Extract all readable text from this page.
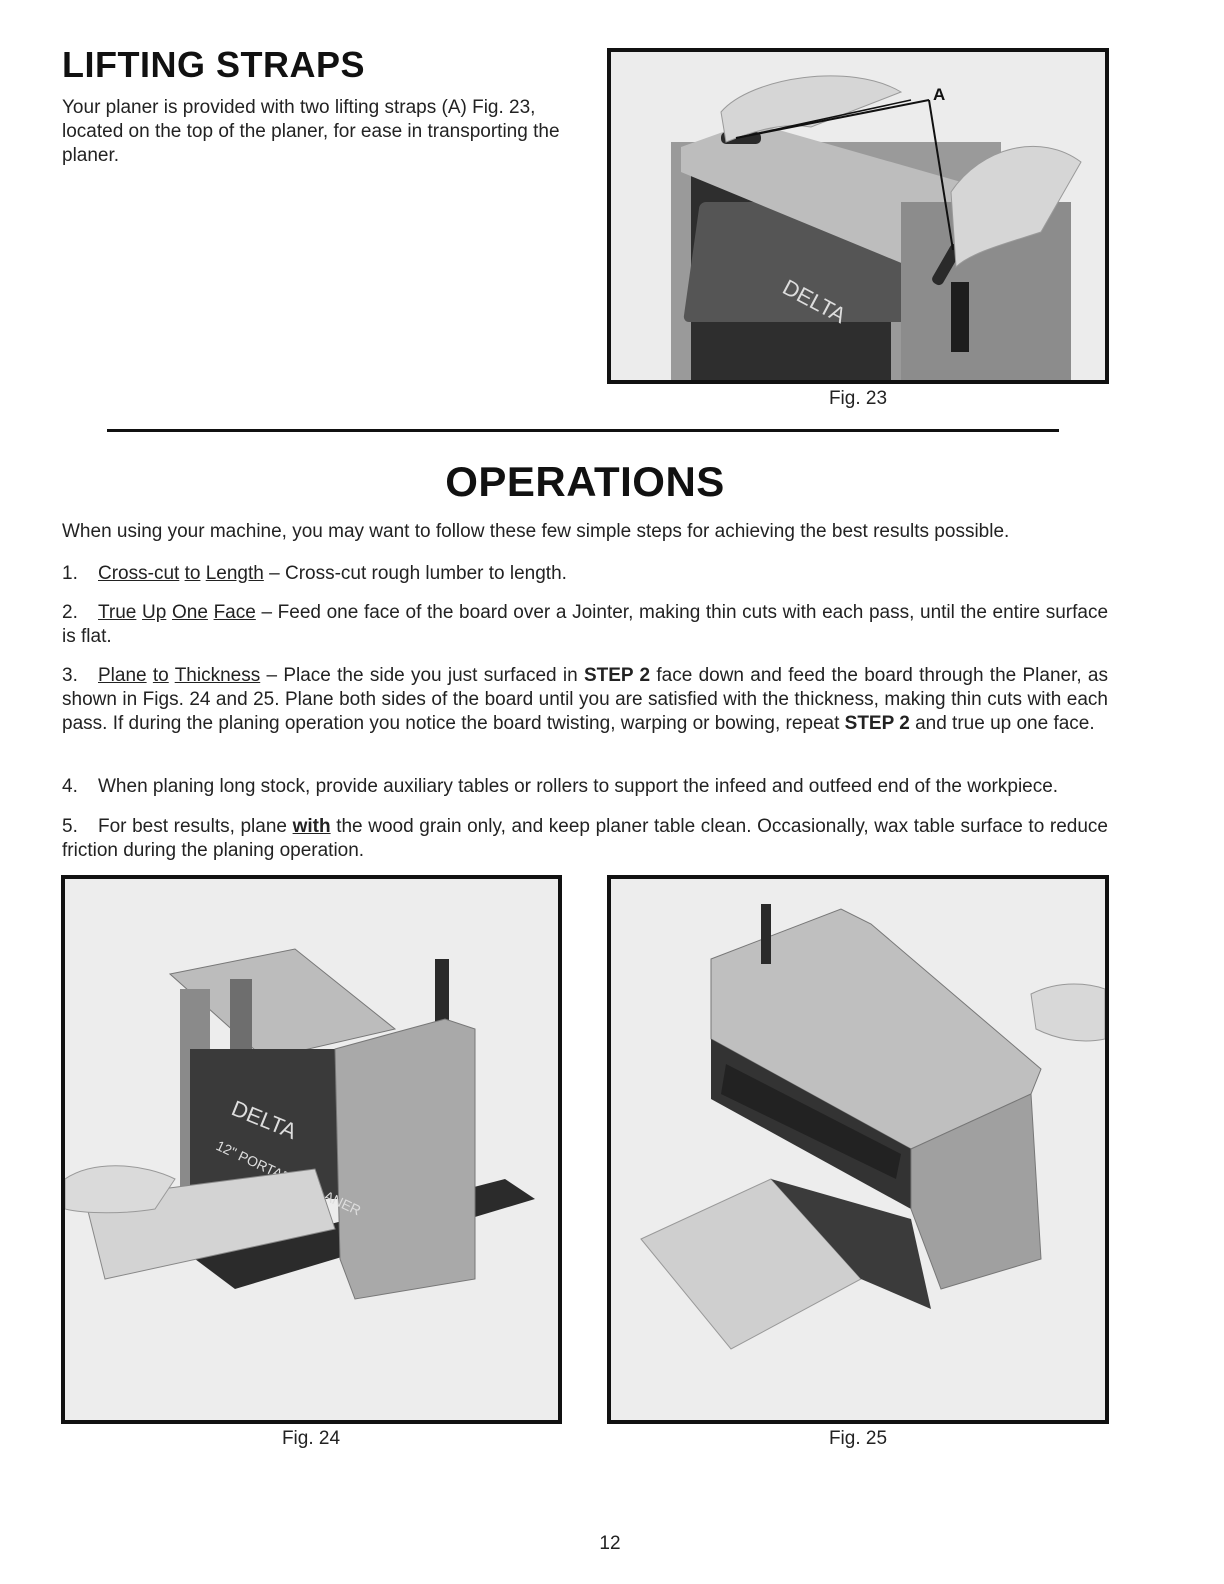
LIFTING STRAPS
Your planer is provided with two lifting straps (A) Fig. 23, located on the top of the planer, for ease in transporting the planer.
DELTA
A
Fig. 23
OPERATIONS
When using your machine, you may want to follow these few simple steps for achieving the best results possible.
1. Cross-cut to Length – Cross-cut rough lumber to length.
2. True Up One Face – Feed one face of the board over a Jointer, making thin cuts with each pass, until the entire surface is flat.
3. Plane to Thickness – Place the side you just surfaced in STEP 2 face down and feed the board through the Planer, as shown in Figs. 24 and 25. Plane both sides of the board until you are satisfied with the thickness, making thin cuts with each pass. If during the planing operation you notice the board twisting, warping or bowing, repeat STEP 2 and true up one face.
4. When planing long stock, provide auxiliary tables or rollers to support the infeed and outfeed end of the workpiece.
5. For best results, plane with the wood grain only, and keep planer table clean. Occasionally, wax table surface to reduce friction during the planing operation.
DELTA
12" PORTABLE PLANER
Fig. 24	Fig. 25
12
